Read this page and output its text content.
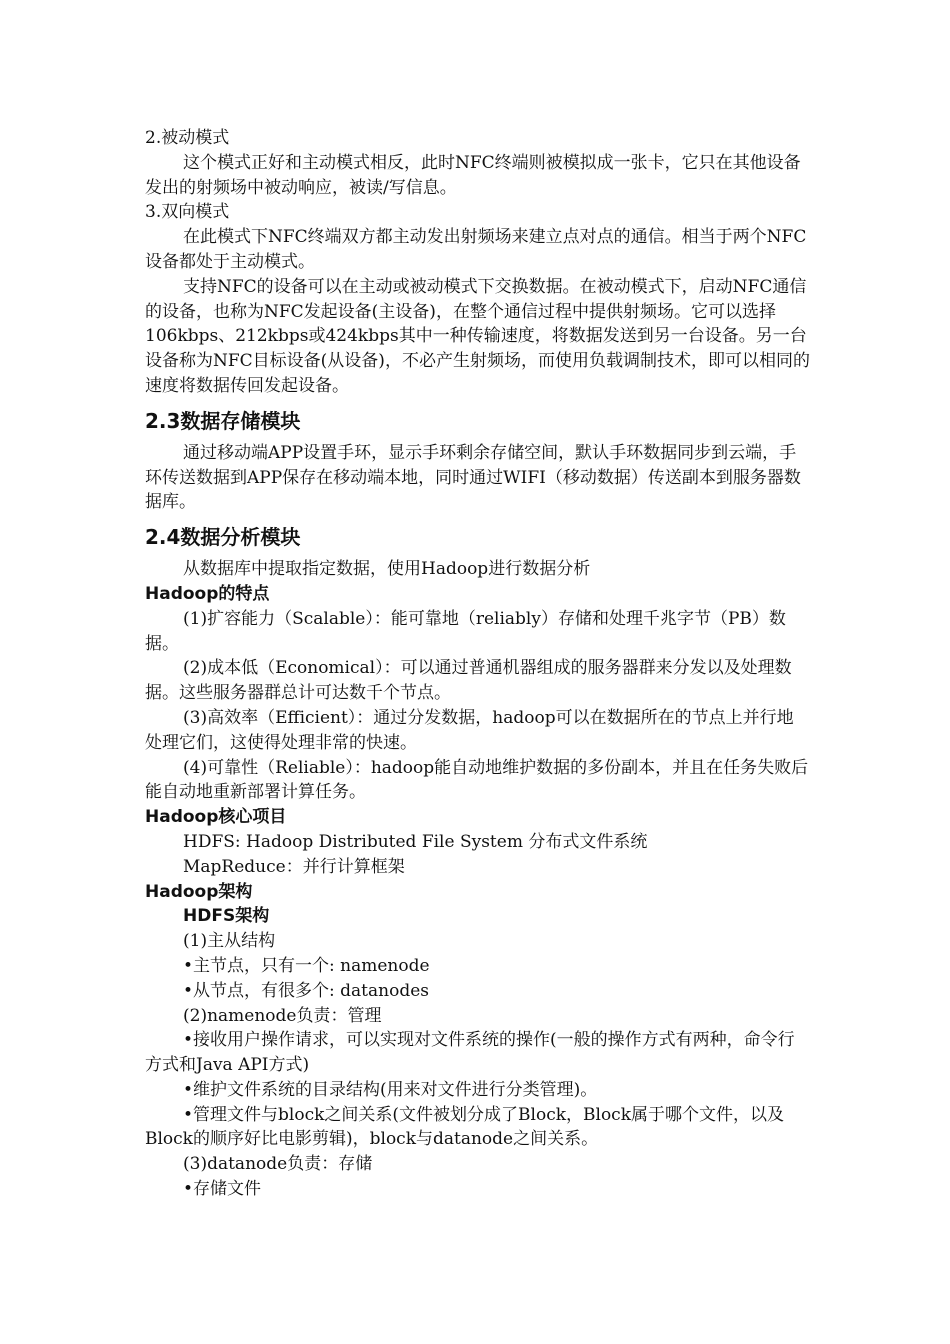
2.被动模式

这个模式正好和主动模式相反，此时NFC终端则被模拟成一张卡，它只在其他设备发出的射频场中被动响应，被读/写信息。

3.双向模式

在此模式下NFC终端双方都主动发出射频场来建立点对点的通信。相当于两个NFC设备都处于主动模式。

支持NFC的设备可以在主动或被动模式下交换数据。在被动模式下，启动NFC通信的设备，也称为NFC发起设备(主设备)，在整个通信过程中提供射频场。它可以选择106kbps、212kbps或424kbps其中一种传输速度，将数据发送到另一台设备。另一台设备称为NFC目标设备(从设备)，不必产生射频场，而使用负载调制技术，即可以相同的速度将数据传回发起设备。

2.3数据存储模块

通过移动端APP设置手环，显示手环剩余存储空间，默认手环数据同步到云端，手环传送数据到APP保存在移动端本地，同时通过WIFI（移动数据）传送副本到服务器数据库。

2.4数据分析模块

从数据库中提取指定数据，使用Hadoop进行数据分析

Hadoop的特点

(1)扩容能力（Scalable）：能可靠地（reliably）存储和处理千兆字节（PB）数据。

(2)成本低（Economical）：可以通过普通机器组成的服务器群来分发以及处理数据。这些服务器群总计可达数千个节点。

(3)高效率（Efficient）：通过分发数据，hadoop可以在数据所在的节点上并行地处理它们，这使得处理非常的快速。

(4)可靠性（Reliable）：hadoop能自动地维护数据的多份副本，并且在任务失败后能自动地重新部署计算任务。

Hadoop核心项目

HDFS: Hadoop Distributed File System 分布式文件系统

MapReduce：并行计算框架

Hadoop架构

HDFS架构

(1)主从结构

•主节点，只有一个: namenode

•从节点，有很多个: datanodes

(2)namenode负责：管理

•接收用户操作请求，可以实现对文件系统的操作(一般的操作方式有两种，命令行方式和Java API方式)

•维护文件系统的目录结构(用来对文件进行分类管理)。

•管理文件与block之间关系(文件被划分成了Block，Block属于哪个文件，以及Block的顺序好比电影剪辑)，block与datanode之间关系。

(3)datanode负责：存储

•存储文件
